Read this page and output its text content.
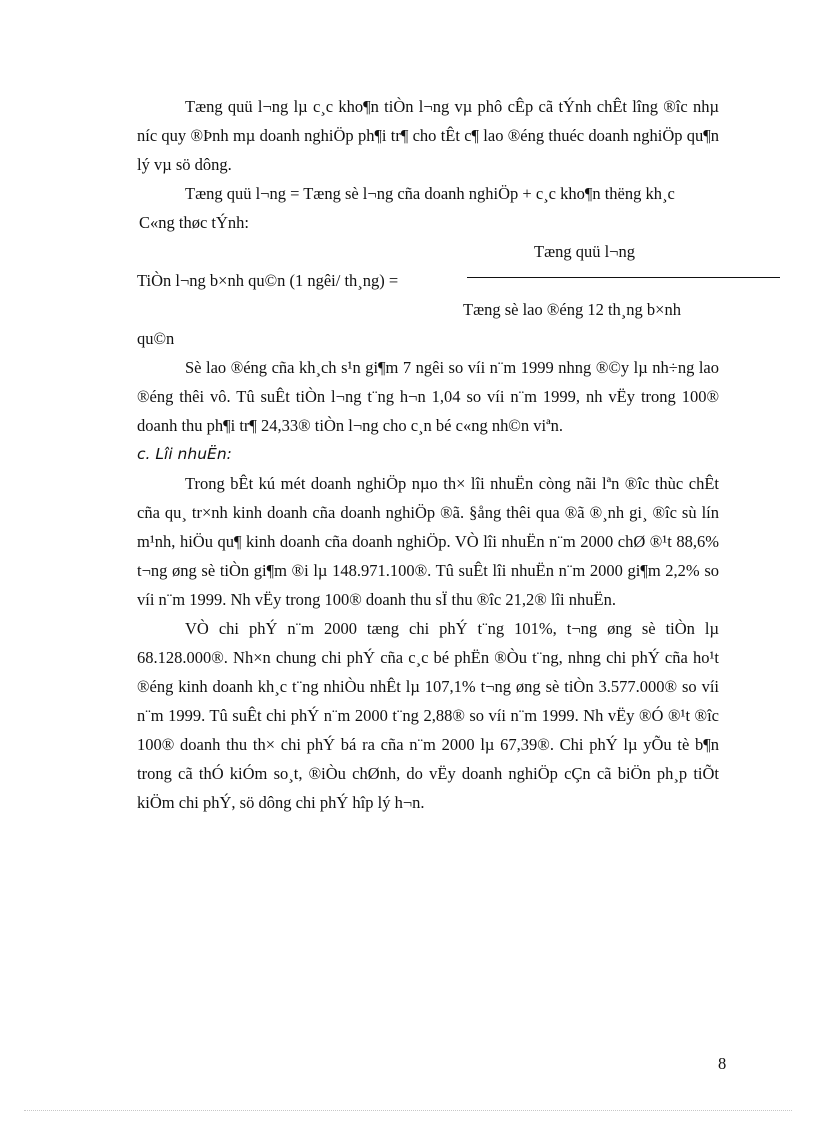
Tæng quü l¬ng lµ c¸c kho¶n tiÒn l¬ng vµ phô cÊp cã tÝnh chÊt lîng ®îc nhµ níc quy ®Þnh mµ doanh nghiÖp ph¶i tr¶ cho tÊt c¶ lao ®éng thuéc doanh nghiÖp qu¶n lý vµ sö dông.

Tæng quü l¬ng = Tæng sè l¬ng cña doanh nghiÖp + c¸c kho¶n thëng kh¸c

C«ng thøc tÝnh:

Tæng quü l¬ng
TiÒn l¬ng b×nh qu©n (1 ngêi/ th¸ng) =
Tæng sè lao ®éng 12 th¸ng b×nh
qu©n

Sè lao ®éng cña kh¸ch s¹n gi¶m 7 ngêi so víi n¨m 1999 nhng ®©y lµ nh÷ng lao ®éng thêi vô. Tû suÊt tiÒn l¬ng t¨ng h¬n 1,04 so víi n¨m 1999, nh vËy trong 100® doanh thu ph¶i tr¶ 24,33® tiÒn l¬ng cho c¸n bé c«ng nh©n viªn.

c. Lîi nhuËn:

Trong bÊt kú mét doanh nghiÖp nµo th× lîi nhuËn còng nãi lªn ®îc thùc chÊt cña qu¸ tr×nh kinh doanh cña doanh nghiÖp ®ã. §ång thêi qua ®ã ®¸nh gi¸ ®îc sù lín m¹nh, hiÖu qu¶ kinh doanh cña doanh nghiÖp. VÒ lîi nhuËn n¨m 2000 chØ ®¹t 88,6% t¬ng øng sè tiÒn gi¶m ®i lµ 148.971.100®. Tû suÊt lîi nhuËn n¨m 2000 gi¶m 2,2% so víi n¨m 1999. Nh vËy trong 100® doanh thu sÏ thu ®îc 21,2® lîi nhuËn.

VÒ chi phÝ n¨m 2000 tæng chi phÝ t¨ng 101%, t¬ng øng sè tiÒn lµ 68.128.000®. Nh×n chung chi phÝ cña c¸c bé phËn ®Òu t¨ng, nhng chi phÝ cña ho¹t ®éng kinh doanh kh¸c t¨ng nhiÒu nhÊt lµ 107,1% t¬ng øng sè tiÒn 3.577.000® so víi n¨m 1999. Tû suÊt chi phÝ n¨m 2000 t¨ng 2,88® so víi n¨m 1999. Nh vËy ®Ó ®¹t ®îc 100® doanh thu th× chi phÝ bá ra cña n¨m 2000 lµ 67,39®. Chi phÝ lµ yÕu tè b¶n trong cã thÓ kiÓm so¸t, ®iÒu chØnh, do vËy doanh nghiÖp cÇn cã biÖn ph¸p tiÕt kiÖm chi phÝ, sö dông chi phÝ hîp lý h¬n.

8
